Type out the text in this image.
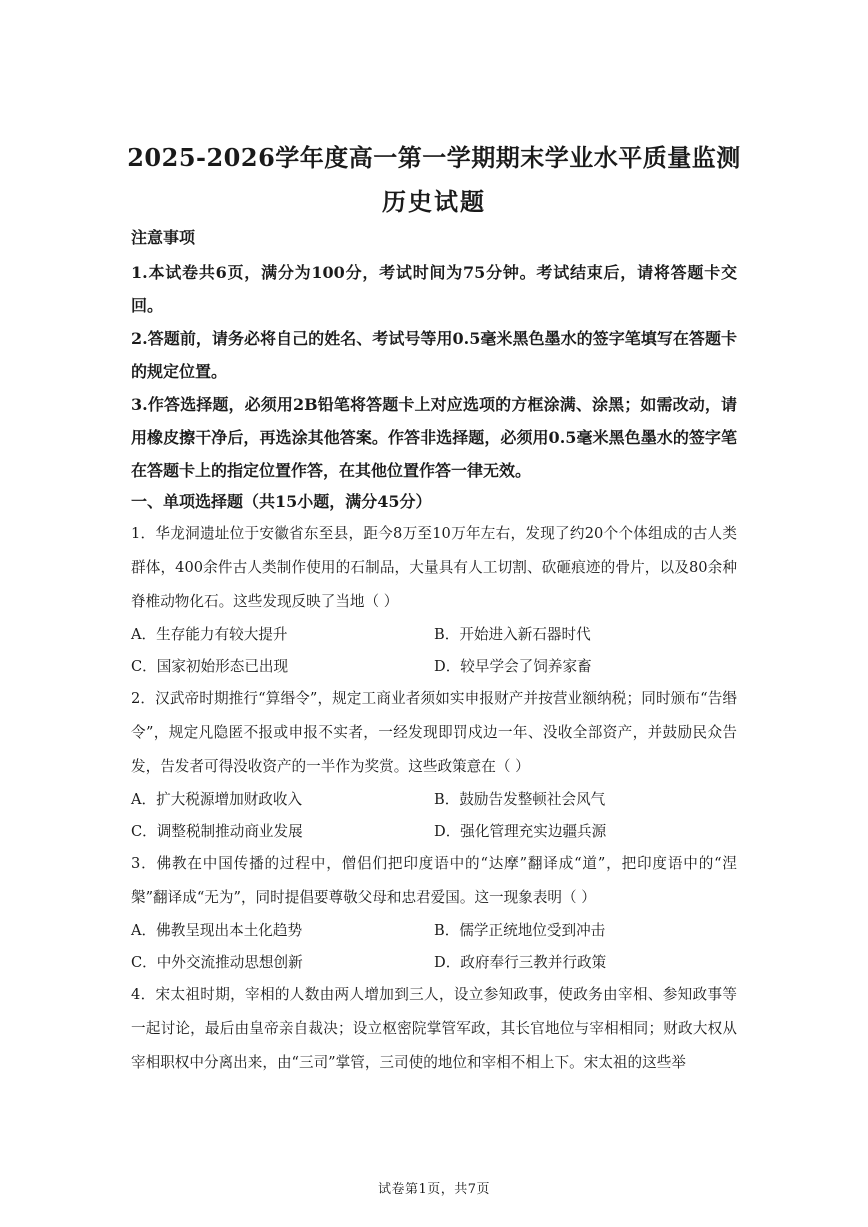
2025-2026学年度高一第一学期期末学业水平质量监测
历史试题
注意事项

1.本试卷共6页，满分为100分，考试时间为75分钟。考试结束后，请将答题卡交回。

2.答题前，请务必将自己的姓名、考试号等用0.5毫米黑色墨水的签字笔填写在答题卡的规定位置。

3.作答选择题，必须用2B铅笔将答题卡上对应选项的方框涂满、涂黑；如需改动，请用橡皮擦干净后，再选涂其他答案。作答非选择题，必须用0.5毫米黑色墨水的签字笔在答题卡上的指定位置作答，在其他位置作答一律无效。

一、单项选择题（共15小题，满分45分）

1．华龙洞遗址位于安徽省东至县，距今8万至10万年左右，发现了约20个个体组成的古人类群体，400余件古人类制作使用的石制品，大量具有人工切割、砍砸痕迹的骨片，以及80余种脊椎动物化石。这些发现反映了当地（ ）

A．生存能力有较大提升	B．开始进入新石器时代
C．国家初始形态已出现	D．较早学会了饲养家畜

2．汉武帝时期推行“算缗令”，规定工商业者须如实申报财产并按营业额纳税；同时颁布“告缗令”，规定凡隐匿不报或申报不实者，一经发现即罚戍边一年、没收全部资产，并鼓励民众告发，告发者可得没收资产的一半作为奖赏。这些政策意在（ ）

A．扩大税源增加财政收入	B．鼓励告发整顿社会风气
C．调整税制推动商业发展	D．强化管理充实边疆兵源

3．佛教在中国传播的过程中，僧侣们把印度语中的“达摩”翻译成“道”，把印度语中的“涅槃”翻译成“无为”，同时提倡要尊敬父母和忠君爱国。这一现象表明（ ）

A．佛教呈现出本土化趋势	B．儒学正统地位受到冲击
C．中外交流推动思想创新	D．政府奉行三教并行政策

4．宋太祖时期，宰相的人数由两人增加到三人，设立参知政事，使政务由宰相、参知政事等一起讨论，最后由皇帝亲自裁决；设立枢密院掌管军政，其长官地位与宰相相同；财政大权从宰相职权中分离出来，由“三司”掌管，三司使的地位和宰相不相上下。宋太祖的这些举

试卷第1页，共7页
